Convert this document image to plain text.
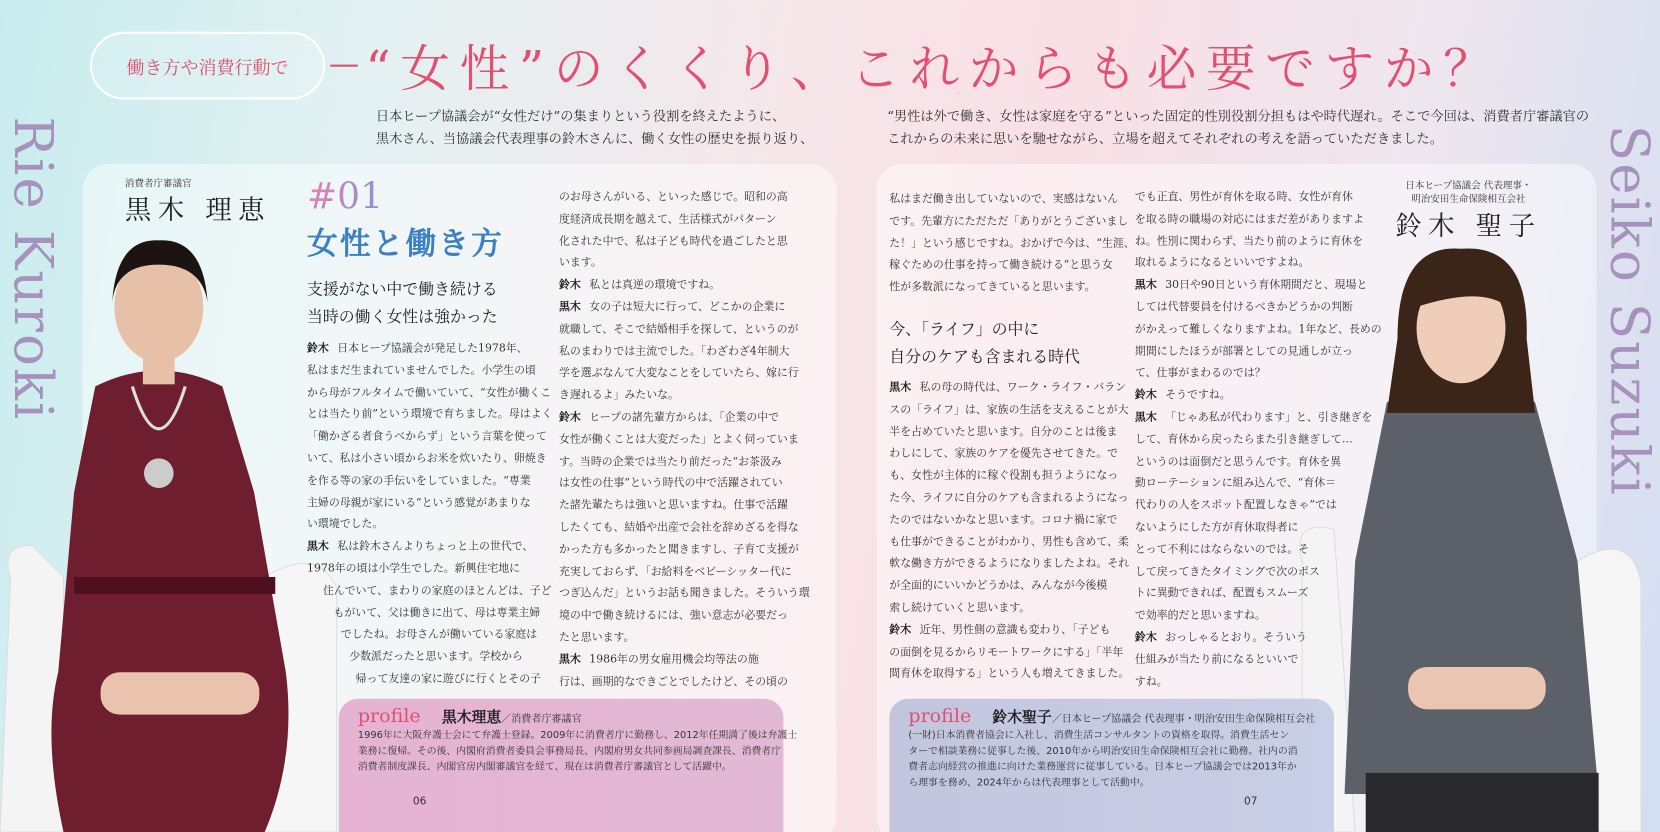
働き方や消費行動で	“女性”のくくり、これからも必要ですか？
日本ヒープ協議会が“女性だけ”の集まりという役割を終えたように、
黒木さん、当協議会代表理事の鈴木さんに、働く女性の歴史を振り返り、
“男性は外で働き、女性は家庭を守る”といった固定的性別役割分担もはや時代遅れ。そこで今回は、消費者庁審議官の
これからの未来に思いを馳せながら、立場を超えてそれぞれの考えを語っていただきました。
Rie Kuroki	Seiko Suzuki
消費者庁審議官
黒木 理恵
日本ヒープ協議会 代表理事・
明治安田生命保険相互会社
鈴木 聖子
#01
女性と働き方
支援がない中で働き続ける
当時の働く女性は強かった
今、「ライフ」の中に
自分のケアも含まれる時代
鈴木 日本ヒープ協議会が発足した1978年、
私はまだ生まれていませんでした。小学生の頃
から母がフルタイムで働いていて、“女性が働くこ
とは当たり前”という環境で育ちました。母はよく
「働かざる者食うべからず」という言葉を使って
いて、私は小さい頃からお米を炊いたり、卵焼き
を作る等の家の手伝いをしていました。“専業
主婦の母親が家にいる”という感覚があまりな
い環境でした。
黒木 私は鈴木さんよりちょっと上の世代で、
1978年の頃は小学生でした。新興住宅地に
住んでいて、まわりの家庭のほとんどは、子ど
もがいて、父は働きに出て、母は専業主婦
でしたね。お母さんが働いている家庭は
少数派だったと思います。学校から
帰って友達の家に遊びに行くとその子
のお母さんがいる、といった感じで。昭和の高
度経済成長期を越えて、生活様式がパターン
化された中で、私は子ども時代を過ごしたと思
います。
鈴木 私とは真逆の環境ですね。
黒木 女の子は短大に行って、どこかの企業に
就職して、そこで結婚相手を探して、というのが
私のまわりでは主流でした。「わざわざ4年制大
学を選ぶなんて大変なことをしていたら、嫁に行
き遅れるよ」みたいな。
鈴木 ヒープの諸先輩方からは、「企業の中で
女性が働くことは大変だった」とよく伺っていま
す。当時の企業では当たり前だった“お茶汲み
は女性の仕事”という時代の中で活躍されてい
た諸先輩たちは強いと思いますね。仕事で活躍
したくても、結婚や出産で会社を辞めざるを得な
かった方も多かったと聞きますし、子育て支援が
充実しておらず、「お給料をベビーシッター代に
つぎ込んだ」というお話も聞きました。そういう環
境の中で働き続けるには、強い意志が必要だっ
たと思います。
黒木 1986年の男女雇用機会均等法の施
行は、画期的なできごとでしたけど、その頃の
私はまだ働き出していないので、実感はないん
です。先輩方にただただ「ありがとうございまし
た！」という感じですね。おかげで今は、“生涯、
稼ぐための仕事を持って働き続ける”と思う女
性が多数派になってきていると思います。
黒木 私の母の時代は、ワーク・ライフ・バラン
スの「ライフ」は、家族の生活を支えることが大
半を占めていたと思います。自分のことは後ま
わしにして、家族のケアを優先させてきた。で
も、女性が主体的に稼ぐ役割も担うようになっ
た今、ライフに自分のケアも含まれるようになっ
たのではないかなと思います。コロナ禍に家で
も仕事ができることがわかり、男性も含めて、柔
軟な働き方ができるようになりましたよね。それ
が全面的にいいかどうかは、みんなが今後模
索し続けていくと思います。
鈴木 近年、男性側の意識も変わり、「子ども
の面倒を見るからリモートワークにする」「半年
間育休を取得する」という人も増えてきました。
でも正直、男性が育休を取る時、女性が育休
を取る時の職場の対応にはまだ差がありますよ
ね。性別に関わらず、当たり前のように育休を
取れるようになるといいですよね。
黒木 30日や90日という育休期間だと、現場と
しては代替要員を付けるべきかどうかの判断
がかえって難しくなりますよね。1年など、長めの
期間にしたほうが部署としての見通しが立っ
て、仕事がまわるのでは？
鈴木 そうですね。
黒木 「じゃあ私が代わります」と、引き継ぎを
して、育休から戻ったらまた引き継ぎして…
というのは面倒だと思うんです。育休を異
動ローテーションに組み込んで、“育休＝
代わりの人をスポット配置しなきゃ”では
ないようにした方が育休取得者に
とって不利にはならないのでは。そ
して戻ってきたタイミングで次のポス
トに異動できれば、配置もスムーズ
で効率的だと思いますね。
鈴木 おっしゃるとおり。そういう
仕組みが当たり前になるといいで
すね。
profile 黒木理恵／消費者庁審議官
1996年に大阪弁護士会にて弁護士登録。2009年に消費者庁に勤務し、2012年任期満了後は弁護士
業務に復帰。その後、内閣府消費者委員会事務局長、内閣府男女共同参画局調査課長、消費者庁
消費者制度課長、内閣官房内閣審議官を経て、現在は消費者庁審議官として活躍中。
profile 鈴木聖子／日本ヒープ協議会 代表理事・明治安田生命保険相互会社
(一財)日本消費者協会に入社し、消費生活コンサルタントの資格を取得。消費生活セン
ターで相談業務に従事した後、2010年から明治安田生命保険相互会社に勤務。社内の消
費者志向経営の推進に向けた業務運営に従事している。日本ヒープ協議会では2013年か
ら理事を務め、2024年からは代表理事として活動中。
06	07
